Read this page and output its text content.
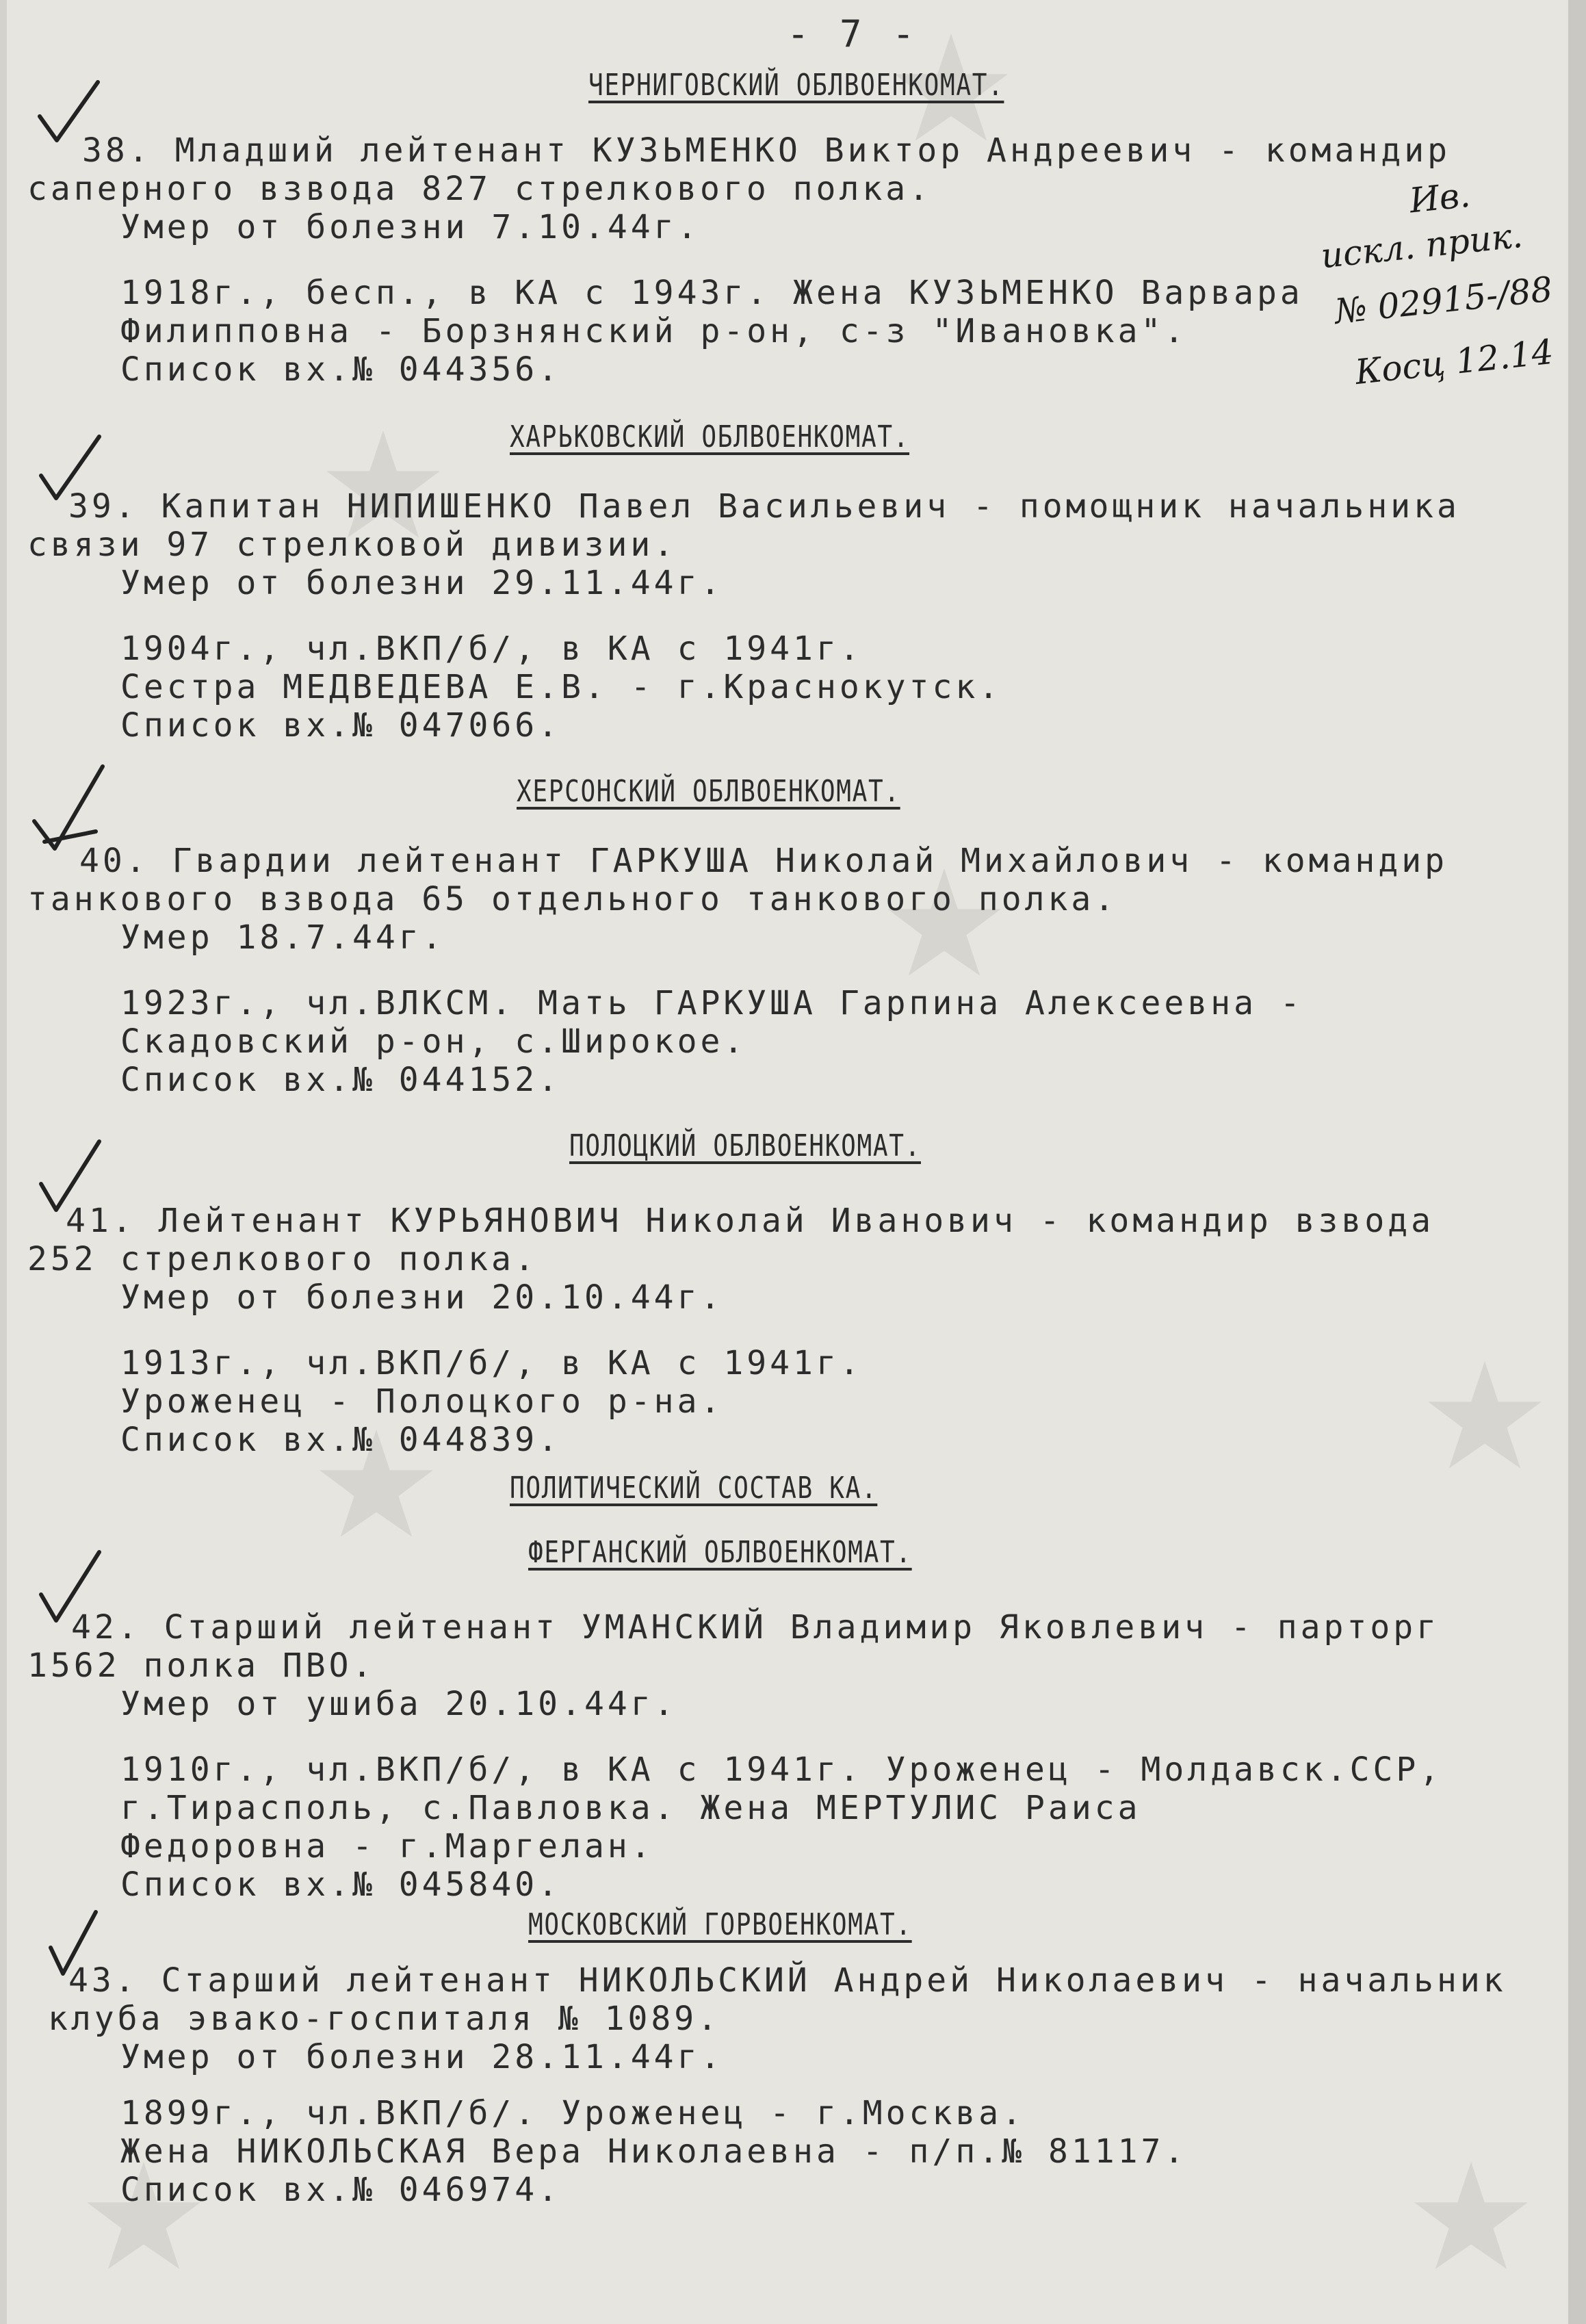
- 7 -
ЧЕРНИГОВСКИЙ ОБЛВОЕНКОМАТ.
38. Младший лейтенант КУЗЬМЕНКО Виктор Андреевич - командир
саперного взвода 827 стрелкового полка.
Умер от болезни 7.10.44г.
1918г., бесп., в КА с 1943г. Жена КУЗЬМЕНКО Варвара
Филипповна - Борзнянский р-он, с-з "Ивановка".
Список вх.№ 044356.
Ив.
искл. прик.
№ 02915-/88
Косц 12.14
ХАРЬКОВСКИЙ ОБЛВОЕНКОМАТ.
39. Капитан НИПИШЕНКО Павел Васильевич - помощник начальника
связи 97 стрелковой дивизии.
Умер от болезни 29.11.44г.
1904г., чл.ВКП/б/, в КА с 1941г.
Сестра МЕДВЕДЕВА Е.В. - г.Краснокутск.
Список вх.№ 047066.
ХЕРСОНСКИЙ ОБЛВОЕНКОМАТ.
40. Гвардии лейтенант ГАРКУША Николай Михайлович - командир
танкового взвода 65 отдельного танкового полка.
Умер 18.7.44г.
1923г., чл.ВЛКСМ. Мать ГАРКУША Гарпина Алексеевна -
Скадовский р-он, с.Широкое.
Список вх.№ 044152.
ПОЛОЦКИЙ ОБЛВОЕНКОМАТ.
41. Лейтенант КУРЬЯНОВИЧ Николай Иванович - командир взвода
252 стрелкового полка.
Умер от болезни 20.10.44г.
1913г., чл.ВКП/б/, в КА с 1941г.
Уроженец - Полоцкого р-на.
Список вх.№ 044839.
ПОЛИТИЧЕСКИЙ СОСТАВ КА.
ФЕРГАНСКИЙ ОБЛВОЕНКОМАТ.
42. Старший лейтенант УМАНСКИЙ Владимир Яковлевич - парторг
1562 полка ПВО.
Умер от ушиба 20.10.44г.
1910г., чл.ВКП/б/, в КА с 1941г. Уроженец - Молдавск.ССР,
г.Тирасполь, с.Павловка. Жена МЕРТУЛИС Раиса
Федоровна - г.Маргелан.
Список вх.№ 045840.
МОСКОВСКИЙ ГОРВОЕНКОМАТ.
43. Старший лейтенант НИКОЛЬСКИЙ Андрей Николаевич - начальник
клуба эвако-госпиталя № 1089.
Умер от болезни 28.11.44г.
1899г., чл.ВКП/б/. Уроженец - г.Москва.
Жена НИКОЛЬСКАЯ Вера Николаевна - п/п.№ 81117.
Список вх.№ 046974.
